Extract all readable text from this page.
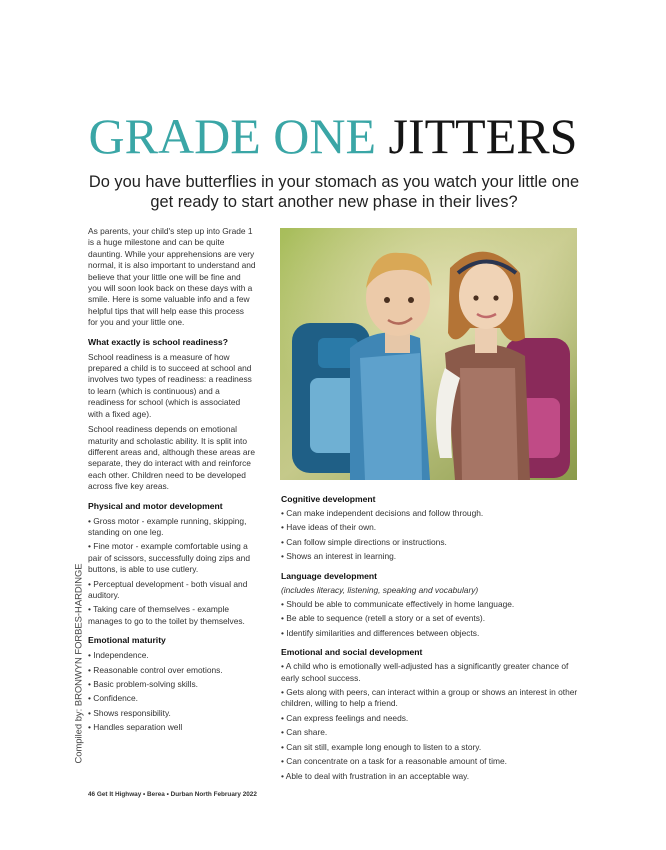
GRADE ONE JITTERS
Do you have butterflies in your stomach as you watch your little one get ready to start another new phase in their lives?

As parents, your child's step up into Grade 1 is a huge milestone and can be quite daunting. While your apprehensions are very normal, it is also important to understand and believe that your little one will be fine and you will soon look back on these days with a smile. Here is some valuable info and a few helpful tips that will help ease this process for you and your little one.

What exactly is school readiness?

School readiness is a measure of how prepared a child is to succeed at school and involves two types of readiness: a readiness to learn (which is continuous) and a readiness for school (which is associated with a fixed age).

School readiness depends on emotional maturity and scholastic ability. It is split into different areas and, although these areas are separate, they do interact with and reinforce each other. Children need to be developed across five key areas.

Physical and motor development
• Gross motor - example running, skipping, standing on one leg.
• Fine motor - example comfortable using a pair of scissors, successfully doing zips and buttons, is able to use cutlery.
• Perceptual development - both visual and auditory.
• Taking care of themselves - example manages to go to the toilet by themselves.
Emotional maturity
• Independence.
• Reasonable control over emotions.
• Basic problem-solving skills.
• Confidence.
• Shows responsibility.
• Handles separation well
Cognitive development
• Can make independent decisions and follow through.
• Have ideas of their own.
• Can follow simple directions or instructions.
• Shows an interest in learning.
Language development
(includes literacy, listening, speaking and vocabulary)
• Should be able to communicate effectively in home language.
• Be able to sequence (retell a story or a set of events).
• Identify similarities and differences between objects.
Emotional and social development
• A child who is emotionally well-adjusted has a significantly greater chance of early school success.
• Gets along with peers, can interact within a group or shows an interest in other children, willing to help a friend.
• Can express feelings and needs.
• Can share.
• Can sit still, example long enough to listen to a story.
• Can concentrate on a task for a reasonable amount of time.
• Able to deal with frustration in an acceptable way.
Compiled by: BRONWYN FORBES-HARDINGE
46 Get It Highway • Berea • Durban North February 2022
